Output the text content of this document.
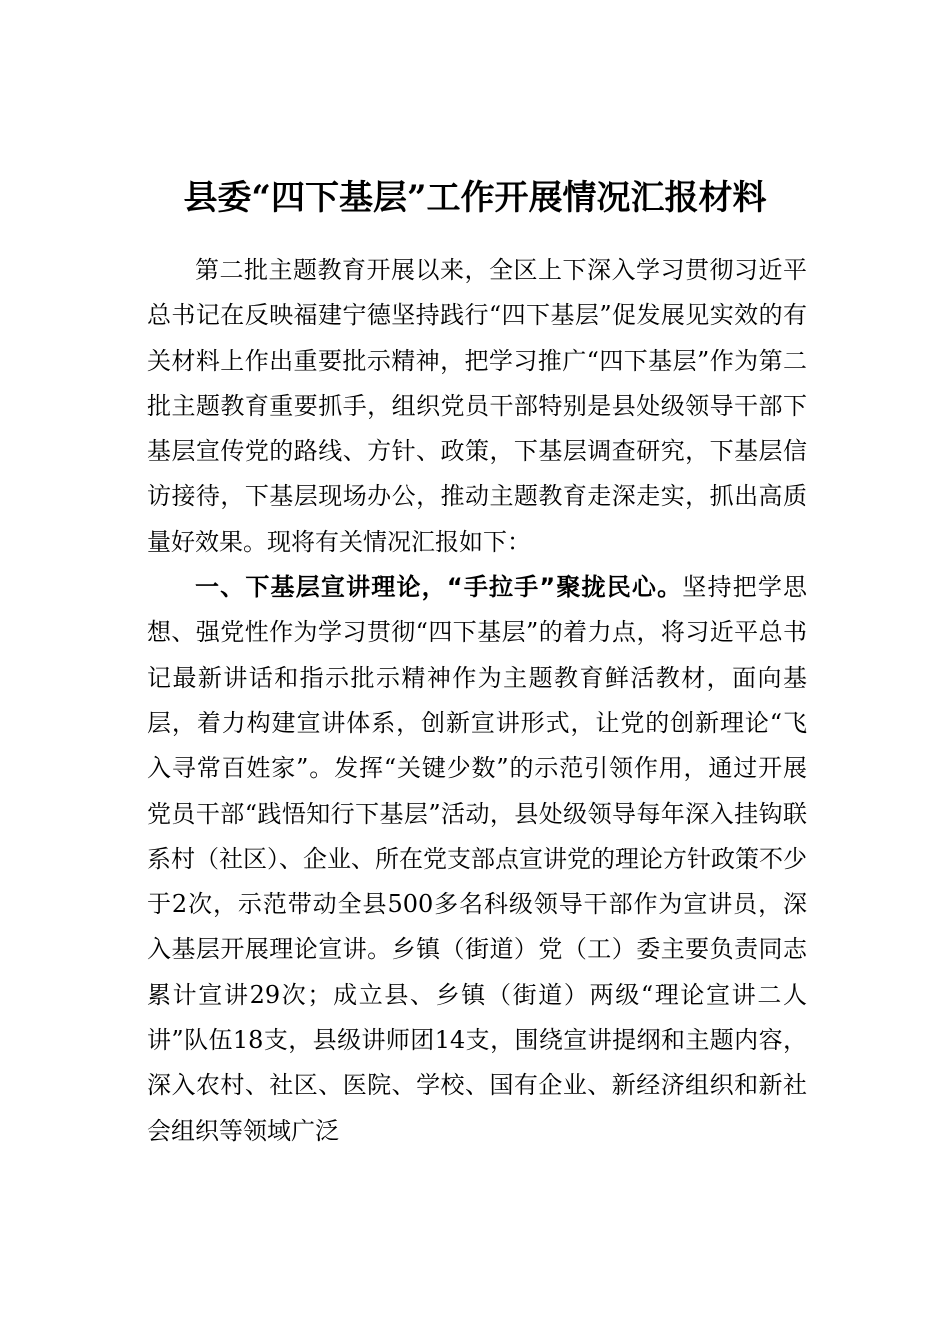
县委“四下基层”工作开展情况汇报材料

第二批主题教育开展以来，全区上下深入学习贯彻习近平总书记在反映福建宁德坚持践行“四下基层”促发展见实效的有关材料上作出重要批示精神，把学习推广“四下基层”作为第二批主题教育重要抓手，组织党员干部特别是县处级领导干部下基层宣传党的路线、方针、政策，下基层调查研究，下基层信访接待，下基层现场办公，推动主题教育走深走实，抓出高质量好效果。现将有关情况汇报如下：

一、下基层宣讲理论，“手拉手”聚拢民心。坚持把学思想、强党性作为学习贯彻“四下基层”的着力点，将习近平总书记最新讲话和指示批示精神作为主题教育鲜活教材，面向基层，着力构建宣讲体系，创新宣讲形式，让党的创新理论“飞入寻常百姓家”。发挥“关键少数”的示范引领作用，通过开展党员干部“践悟知行下基层”活动，县处级领导每年深入挂钩联系村（社区）、企业、所在党支部点宣讲党的理论方针政策不少于2次，示范带动全县500多名科级领导干部作为宣讲员，深入基层开展理论宣讲。乡镇（街道）党（工）委主要负责同志累计宣讲29次；成立县、乡镇（街道）两级“理论宣讲二人讲”队伍18支，县级讲师团14支，围绕宣讲提纲和主题内容，深入农村、社区、医院、学校、国有企业、新经济组织和新社会组织等领域广泛
